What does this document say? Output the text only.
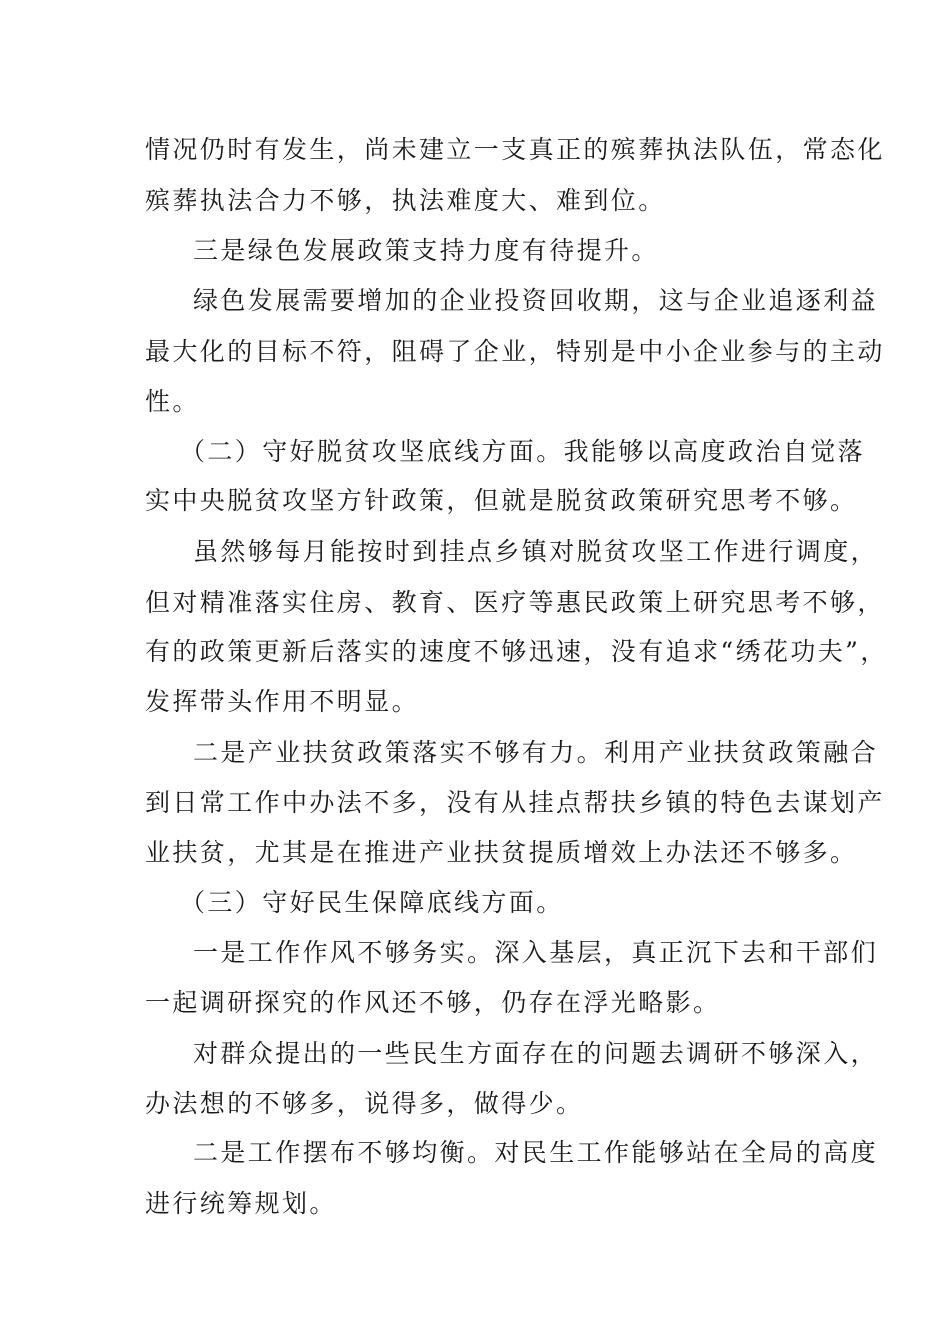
情况仍时有发生，尚未建立一支真正的殡葬执法队伍，常态化
殡葬执法合力不够，执法难度大、难到位。
三是绿色发展政策支持力度有待提升。
绿色发展需要增加的企业投资回收期，这与企业追逐利益
最大化的目标不符，阻碍了企业，特别是中小企业参与的主动
性。
（二）守好脱贫攻坚底线方面。我能够以高度政治自觉落
实中央脱贫攻坚方针政策，但就是脱贫政策研究思考不够。
虽然够每月能按时到挂点乡镇对脱贫攻坚工作进行调度，
但对精准落实住房、教育、医疗等惠民政策上研究思考不够，
有的政策更新后落实的速度不够迅速，没有追求“绣花功夫”，
发挥带头作用不明显。
二是产业扶贫政策落实不够有力。利用产业扶贫政策融合
到日常工作中办法不多，没有从挂点帮扶乡镇的特色去谋划产
业扶贫，尤其是在推进产业扶贫提质增效上办法还不够多。
（三）守好民生保障底线方面。
一是工作作风不够务实。深入基层，真正沉下去和干部们
一起调研探究的作风还不够，仍存在浮光略影。
对群众提出的一些民生方面存在的问题去调研不够深入，
办法想的不够多，说得多，做得少。
二是工作摆布不够均衡。对民生工作能够站在全局的高度
进行统筹规划。
